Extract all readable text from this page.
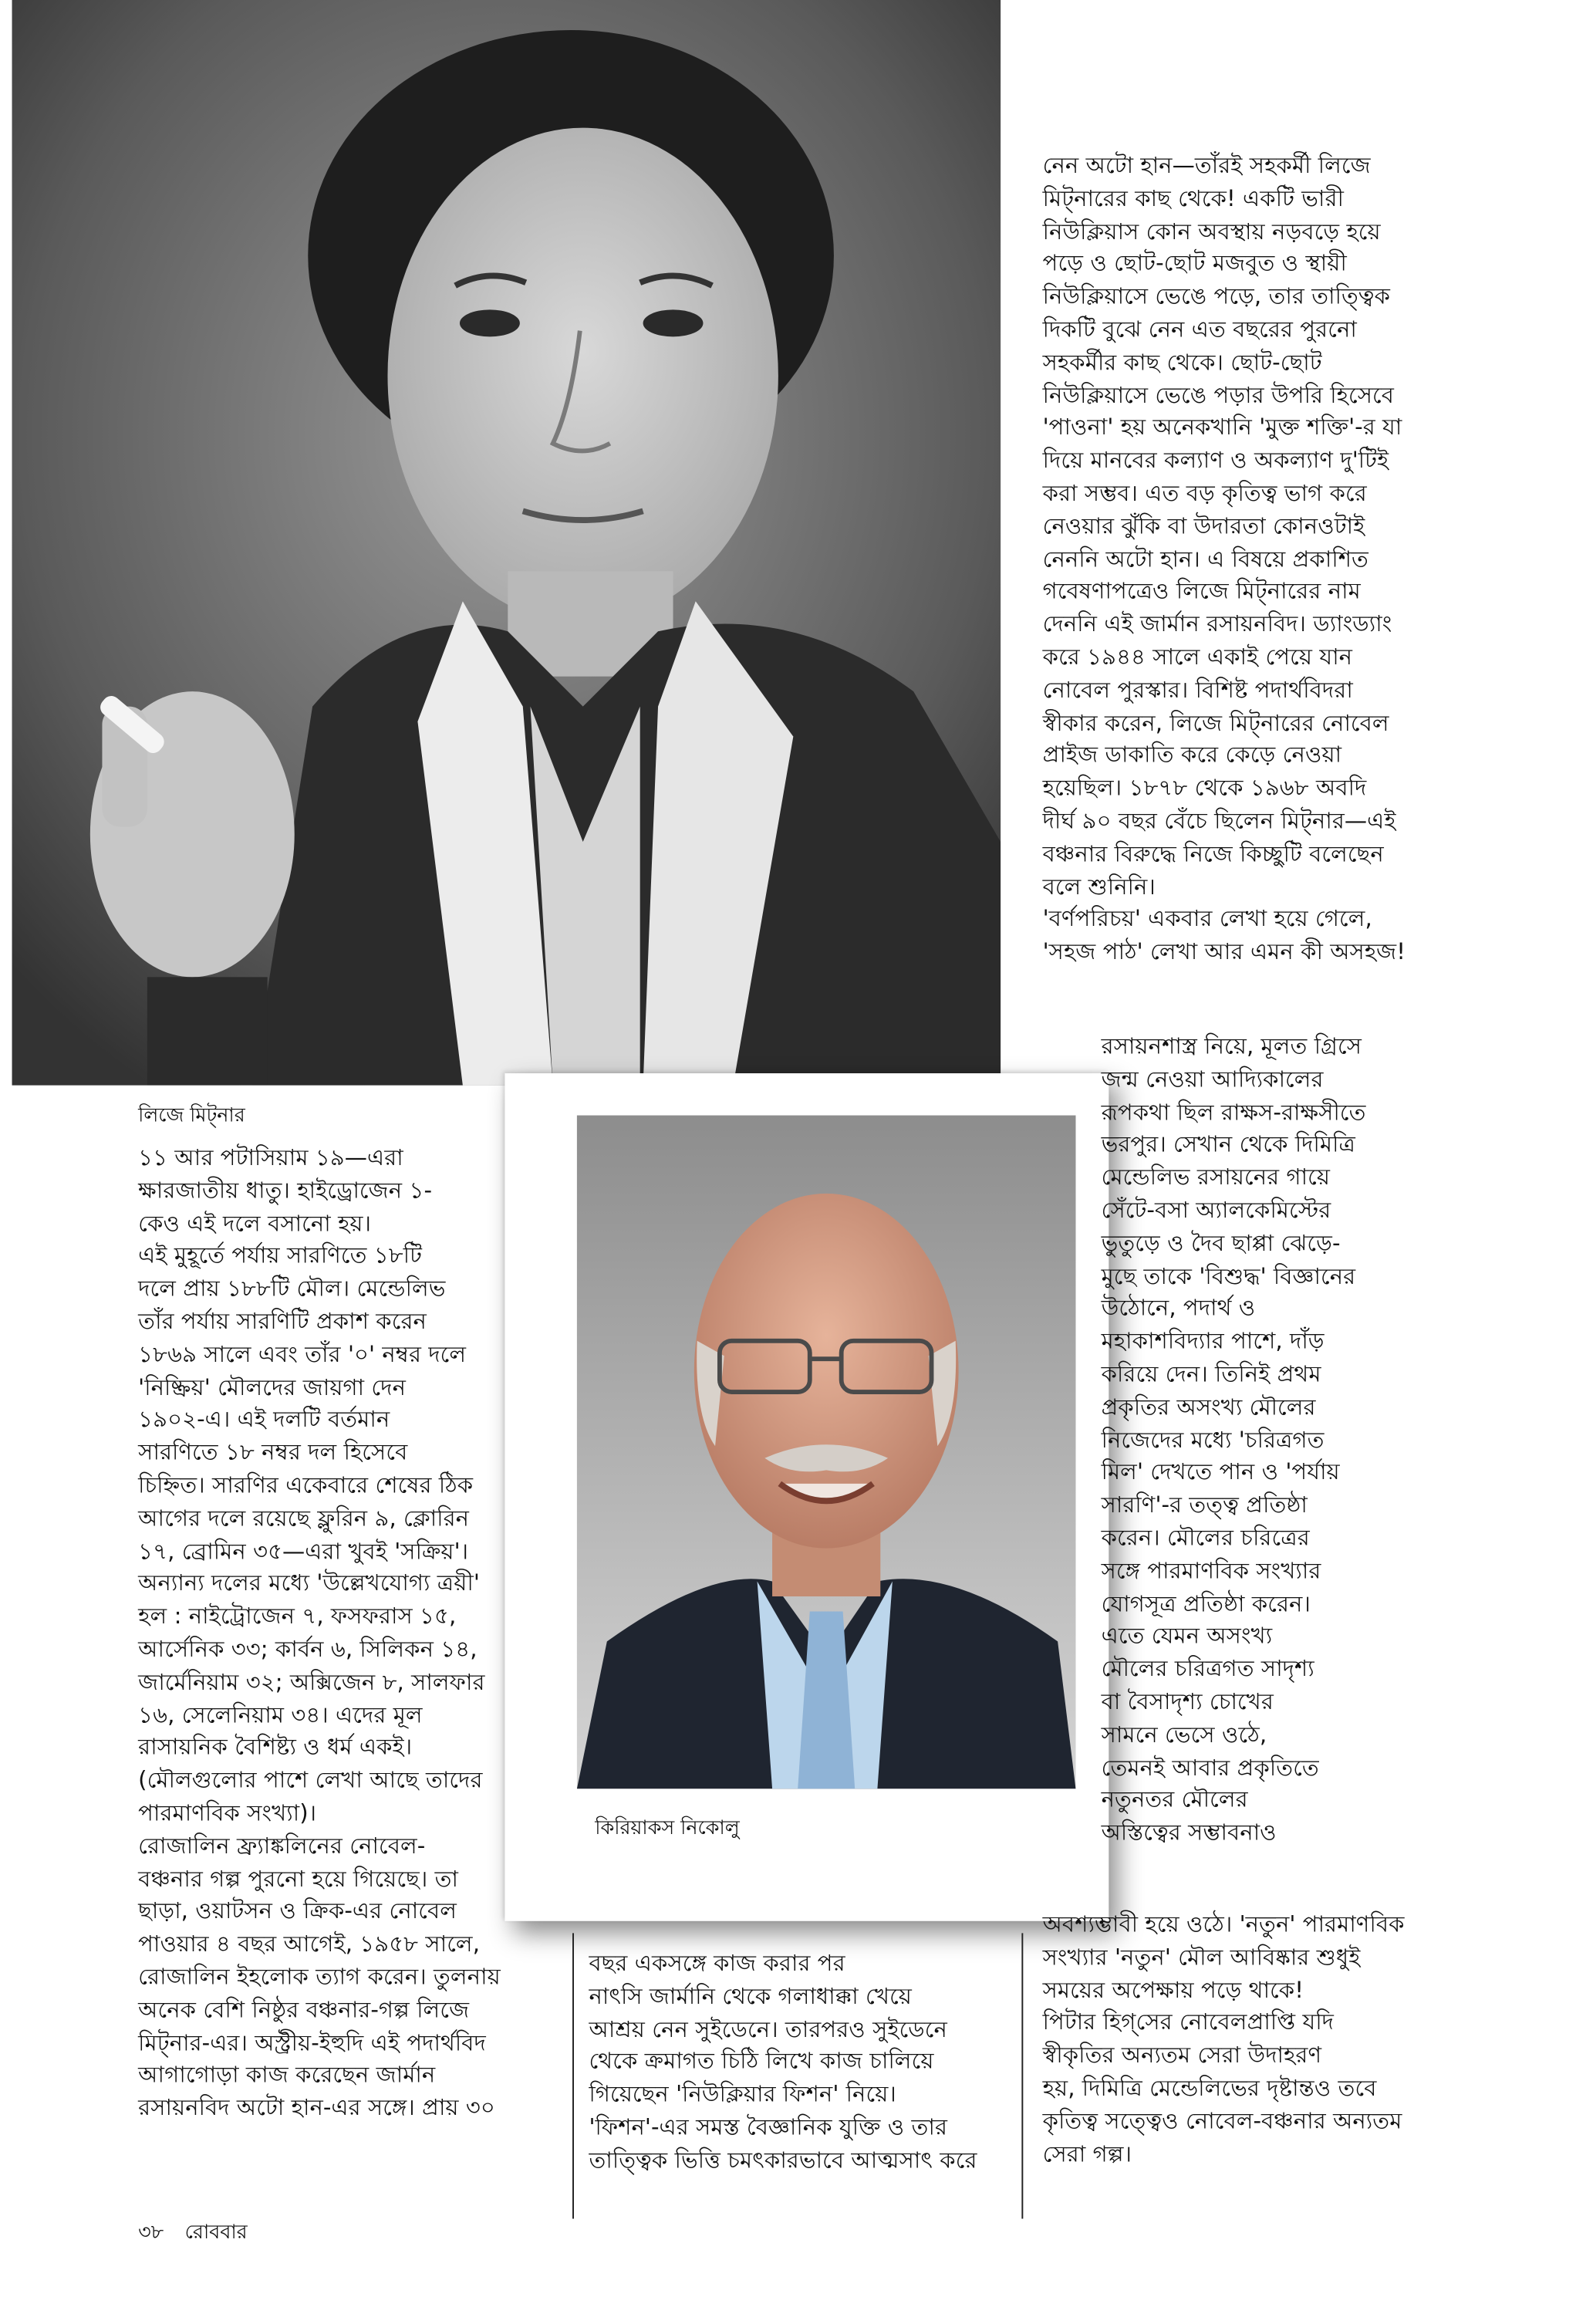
লিজে মিট্নার
কিরিয়াকস নিকোলু
১১ আর পটাসিয়াম ১৯—এরা
ক্ষারজাতীয় ধাতু। হাইড্রোজেন ১-
কেও এই দলে বসানো হয়।
এই মুহূর্তে পর্যায় সারণিতে ১৮টি
দলে প্রায় ১৮৮টি মৌল। মেন্ডেলিভ
তাঁর পর্যায় সারণিটি প্রকাশ করেন
১৮৬৯ সালে এবং তাঁর '০' নম্বর দলে
'নিষ্ক্রিয়' মৌলদের জায়গা দেন
১৯০২-এ। এই দলটি বর্তমান
সারণিতে ১৮ নম্বর দল হিসেবে
চিহ্নিত। সারণির একেবারে শেষের ঠিক
আগের দলে রয়েছে ফ্লুরিন ৯, ক্লোরিন
১৭, ব্রোমিন ৩৫—এরা খুবই 'সক্রিয়'।
অন্যান্য দলের মধ্যে 'উল্লেখযোগ্য ত্রয়ী'
হল : নাইট্রোজেন ৭, ফসফরাস ১৫,
আর্সেনিক ৩৩; কার্বন ৬, সিলিকন ১৪,
জার্মেনিয়াম ৩২; অক্সিজেন ৮, সালফার
১৬, সেলেনিয়াম ৩৪। এদের মূল
রাসায়নিক বৈশিষ্ট্য ও ধর্ম একই।
(মৌলগুলোর পাশে লেখা আছে তাদের
পারমাণবিক সংখ্যা)।
রোজালিন ফ্র্যাঙ্কলিনের নোবেল-
বঞ্চনার গল্প পুরনো হয়ে গিয়েছে। তা
ছাড়া, ওয়াটসন ও ক্রিক-এর নোবেল
পাওয়ার ৪ বছর আগেই, ১৯৫৮ সালে,
রোজালিন ইহলোক ত্যাগ করেন। তুলনায়
অনেক বেশি নিষ্ঠুর বঞ্চনার-গল্প লিজে
মিট্নার-এর। অস্ট্রীয়-ইহুদি এই পদার্থবিদ
আগাগোড়া কাজ করেছেন জার্মান
রসায়নবিদ অটো হান-এর সঙ্গে। প্রায় ৩০
বছর একসঙ্গে কাজ করার পর
নাৎসি জার্মানি থেকে গলাধাক্কা খেয়ে
আশ্রয় নেন সুইডেনে। তারপরও সুইডেনে
থেকে ক্রমাগত চিঠি লিখে কাজ চালিয়ে
গিয়েছেন 'নিউক্লিয়ার ফিশন' নিয়ে।
'ফিশন'-এর সমস্ত বৈজ্ঞানিক যুক্তি ও তার
তাত্ত্বিক ভিত্তি চমৎকারভাবে আত্মসাৎ করে
নেন অটো হান—তাঁরই সহকর্মী লিজে
মিট্নারের কাছ থেকে! একটি ভারী
নিউক্লিয়াস কোন অবস্থায় নড়বড়ে হয়ে
পড়ে ও ছোট-ছোট মজবুত ও স্থায়ী
নিউক্লিয়াসে ভেঙে পড়ে, তার তাত্ত্বিক
দিকটি বুঝে নেন এত বছরের পুরনো
সহকর্মীর কাছ থেকে। ছোট-ছোট
নিউক্লিয়াসে ভেঙে পড়ার উপরি হিসেবে
'পাওনা' হয় অনেকখানি 'মুক্ত শক্তি'-র যা
দিয়ে মানবের কল্যাণ ও অকল্যাণ দু'টিই
করা সম্ভব। এত বড় কৃতিত্ব ভাগ করে
নেওয়ার ঝুঁকি বা উদারতা কোনওটাই
নেননি অটো হান। এ বিষয়ে প্রকাশিত
গবেষণাপত্রেও লিজে মিট্নারের নাম
দেননি এই জার্মান রসায়নবিদ। ড্যাংড্যাং
করে ১৯৪৪ সালে একাই পেয়ে যান
নোবেল পুরস্কার। বিশিষ্ট পদার্থবিদরা
স্বীকার করেন, লিজে মিট্নারের নোবেল
প্রাইজ ডাকাতি করে কেড়ে নেওয়া
হয়েছিল। ১৮৭৮ থেকে ১৯৬৮ অবদি
দীর্ঘ ৯০ বছর বেঁচে ছিলেন মিট্নার—এই
বঞ্চনার বিরুদ্ধে নিজে কিচ্ছুটি বলেছেন
বলে শুনিনি।
'বর্ণপরিচয়' একবার লেখা হয়ে গেলে,
'সহজ পাঠ' লেখা আর এমন কী অসহজ!
রসায়নশাস্ত্র নিয়ে, মূলত গ্রিসে
জন্ম নেওয়া আদ্যিকালের
রূপকথা ছিল রাক্ষস-রাক্ষসীতে
ভরপুর। সেখান থেকে দিমিত্রি
মেন্ডেলিভ রসায়নের গায়ে
সেঁটে-বসা অ্যালকেমিস্টের
ভুতুড়ে ও দৈব ছাপ্পা ঝেড়ে-
মুছে তাকে 'বিশুদ্ধ' বিজ্ঞানের
উঠোনে, পদার্থ ও
মহাকাশবিদ্যার পাশে, দাঁড়
করিয়ে দেন। তিনিই প্রথম
প্রকৃতির অসংখ্য মৌলের
নিজেদের মধ্যে 'চরিত্রগত
মিল' দেখতে পান ও 'পর্যায়
সারণি'-র তত্ত্ব প্রতিষ্ঠা
করেন। মৌলের চরিত্রের
সঙ্গে পারমাণবিক সংখ্যার
যোগসূত্র প্রতিষ্ঠা করেন।
এতে যেমন অসংখ্য
মৌলের চরিত্রগত সাদৃশ্য
বা বৈসাদৃশ্য চোখের
সামনে ভেসে ওঠে,
তেমনই আবার প্রকৃতিতে
নতুনতর মৌলের
অস্তিত্বের সম্ভাবনাও
অবশ্যম্ভাবী হয়ে ওঠে। 'নতুন' পারমাণবিক
সংখ্যার 'নতুন' মৌল আবিষ্কার শুধুই
সময়ের অপেক্ষায় পড়ে থাকে!
পিটার হিগ্‌সের নোবেলপ্রাপ্তি যদি
স্বীকৃতির অন্যতম সেরা উদাহরণ
হয়, দিমিত্রি মেন্ডেলিভের দৃষ্টান্তও তবে
কৃতিত্ব সত্ত্বেও নোবেল-বঞ্চনার অন্যতম
সেরা গল্প।
৩৮ রোববার
